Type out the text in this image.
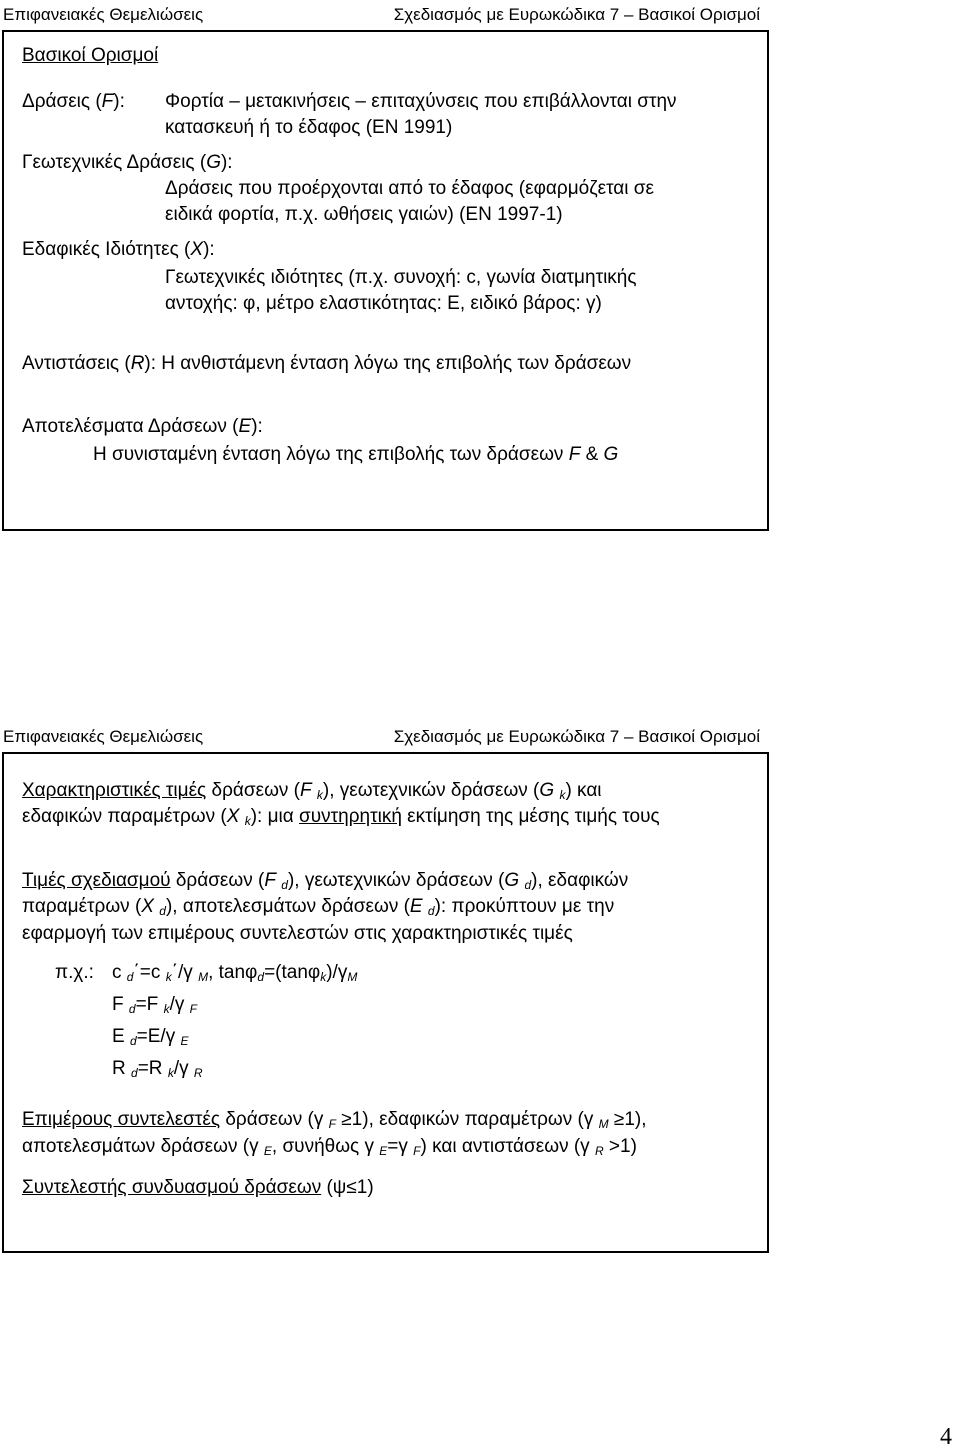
Επιφανειακές Θεμελιώσεις	Σχεδιασμός με Ευρωκώδικα 7 – Βασικοί Ορισμοί
Βασικοί Ορισμοί
Δράσεις (F): Φορτία – μετακινήσεις – επιταχύνσεις που επιβάλλονται στην
κατασκευή ή το έδαφος (ΕΝ 1991)
Γεωτεχνικές Δράσεις (G):
Δράσεις που προέρχονται από το έδαφος (εφαρμόζεται σε
ειδικά φορτία, π.χ. ωθήσεις γαιών) (ΕΝ 1997-1)
Εδαφικές Ιδιότητες (X):
Γεωτεχνικές ιδιότητες (π.χ. συνοχή: c, γωνία διατμητικής
αντοχής: φ, μέτρο ελαστικότητας: Ε, ειδικό βάρος: γ)
Αντιστάσεις (R): Η ανθιστάμενη ένταση λόγω της επιβολής των δράσεων
Αποτελέσματα Δράσεων (E):
Η συνισταμένη ένταση λόγω της επιβολής των δράσεων F & G
Επιφανειακές Θεμελιώσεις	Σχεδιασμός με Ευρωκώδικα 7 – Βασικοί Ορισμοί
Χαρακτηριστικές τιμές δράσεων (F $_k$), γεωτεχνικών δράσεων (G $_k$) και
εδαφικών παραμέτρων (X $_k$): μια συντηρητική εκτίμηση της μέσης τιμής τους
Τιμές σχεδιασμού δράσεων (F $_d$), γεωτεχνικών δράσεων (G $_d$), εδαφικών
παραμέτρων (X $_d$), αποτελεσμάτων δράσεων (E $_d$): προκύπτουν με την
εφαρμογή των επιμέρους συντελεστών στις χαρακτηριστικές τιμές
π.χ.: c $_d$΄=c $_k$΄/γ $_M$, $\tan\varphi_d=(\tan\varphi_k)/\gamma_M$
F $_d$=F $_k$/γ $_F$
E $_d$=E/γ $_E$
R $_d$=R $_k$/γ $_R$
Επιμέρους συντελεστές δράσεων (γ $_F$ ≥1), εδαφικών παραμέτρων (γ $_M$ ≥1),
αποτελεσμάτων δράσεων (γ $_E$, συνήθως γ $_E$=γ $_F$) και αντιστάσεων (γ $_R$ >1)
Συντελεστής συνδυασμού δράσεων (ψ≤1)
4
